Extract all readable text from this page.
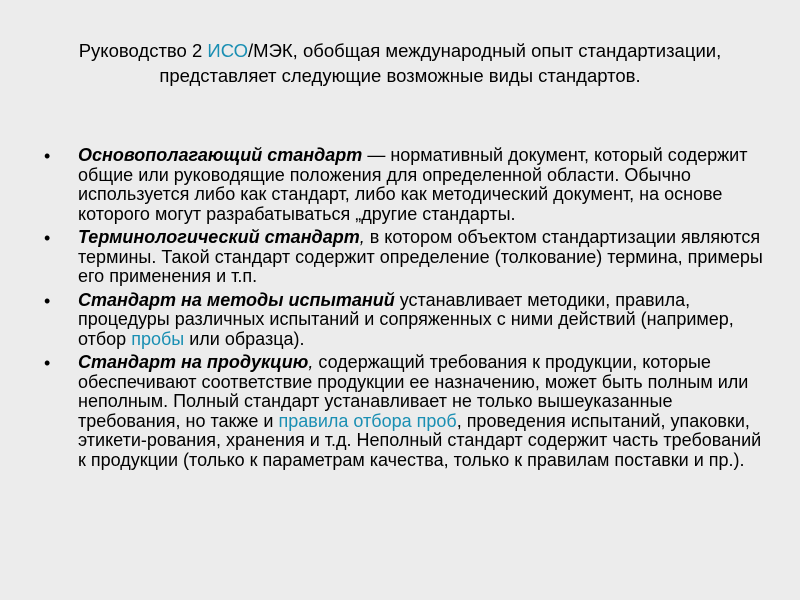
Руководство 2 ИСО/МЭК, обобщая международный опыт стандартизации, представляет следующие возможные виды стандартов.
•	Основополагающий стандарт — нормативный документ, который содержит общие или руководящие положения для определенной области. Обычно используется либо как стандарт, либо как методический документ, на основе которого могут разрабатываться „другие стандарты.
•	Терминологический стандарт, в котором объектом стандартизации являются термины. Такой стандарт содержит определение (толкование) термина, примеры его применения и т.п.
•	Стандарт на методы испытаний устанавливает методики, правила, процедуры различных испытаний и сопряженных с ними действий (например, отбор пробы или образца).
•	Стандарт на продукцию, содержащий требования к продукции, которые обеспечивают соответствие продукции ее назначению, может быть полным или неполным. Полный стандарт устанавливает не только вышеуказанные требования, но также и правила отбора проб, проведения испытаний, упаковки, этикети-рования, хранения и т.д. Неполный стандарт содержит часть требований к продукции (только к параметрам качества, только к правилам поставки и пр.).
